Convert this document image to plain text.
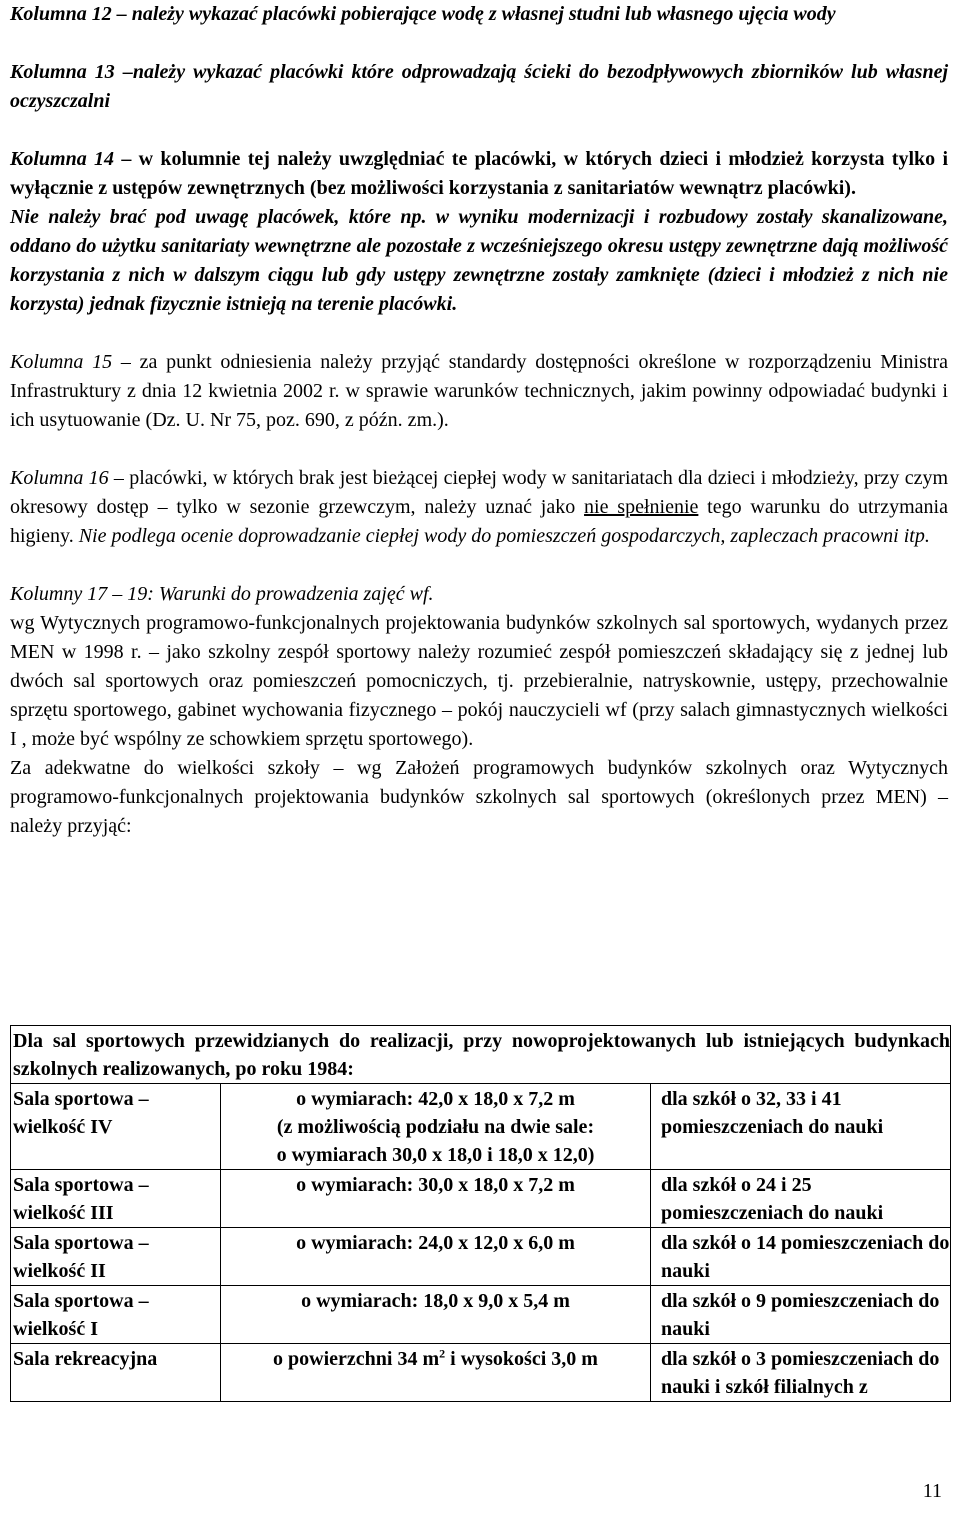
Kolumna 12 – należy wykazać placówki pobierające wodę z własnej studni lub własnego ujęcia wody

Kolumna 13 –należy wykazać placówki które odprowadzają ścieki do bezodpływowych zbiorników lub własnej oczyszczalni

Kolumna 14 – w kolumnie tej należy uwzględniać te placówki, w których dzieci i młodzież korzysta tylko i wyłącznie z ustępów zewnętrznych (bez możliwości korzystania z sanitariatów wewnątrz placówki).

Nie należy brać pod uwagę placówek, które np. w wyniku modernizacji i rozbudowy zostały skanalizowane, oddano do użytku sanitariaty wewnętrzne ale pozostałe z wcześniejszego okresu ustępy zewnętrzne dają możliwość korzystania z nich w dalszym ciągu lub gdy ustępy zewnętrzne zostały zamknięte (dzieci i młodzież z nich nie korzysta) jednak fizycznie istnieją na terenie placówki.

Kolumna 15 – za punkt odniesienia należy przyjąć standardy dostępności określone w rozporządzeniu Ministra Infrastruktury z dnia 12 kwietnia 2002 r. w sprawie warunków technicznych, jakim powinny odpowiadać budynki i ich usytuowanie (Dz. U. Nr 75, poz. 690, z późn. zm.).

Kolumna 16 – placówki, w których brak jest bieżącej ciepłej wody w sanitariatach dla dzieci i młodzieży, przy czym okresowy dostęp – tylko w sezonie grzewczym, należy uznać jako nie spełnienie tego warunku do utrzymania higieny. Nie podlega ocenie doprowadzanie ciepłej wody do pomieszczeń gospodarczych, zapleczach pracowni itp.

Kolumny 17 – 19: Warunki do prowadzenia zajęć wf.

wg Wytycznych programowo-funkcjonalnych projektowania budynków szkolnych sal sportowych, wydanych przez MEN w 1998 r. – jako szkolny zespół sportowy należy rozumieć zespół pomieszczeń składający się z jednej lub dwóch sal sportowych oraz pomieszczeń pomocniczych, tj. przebieralnie, natryskownie, ustępy, przechowalnie sprzętu sportowego, gabinet wychowania fizycznego – pokój nauczycieli wf (przy salach gimnastycznych wielkości I , może być wspólny ze schowkiem sprzętu sportowego).

Za adekwatne do wielkości szkoły – wg Założeń programowych budynków szkolnych oraz Wytycznych programowo-funkcjonalnych projektowania budynków szkolnych sal sportowych (określonych przez MEN) – należy przyjąć:

Dla sal sportowych przewidzianych do realizacji, przy nowoprojektowanych lub istniejących budynkach szkolnych realizowanych, po roku 1984:		
Sala sportowa – wielkość IV	o wymiarach: 42,0 x 18,0 x 7,2 m
(z możliwością podziału na dwie sale:
o wymiarach 30,0 x 18,0 i 18,0 x 12,0)	dla szkół o 32, 33 i 41 pomieszczeniach do nauki
Sala sportowa – wielkość III	o wymiarach: 30,0 x 18,0 x 7,2 m	dla szkół o 24 i 25 pomieszczeniach do nauki
Sala sportowa – wielkość II	o wymiarach: 24,0 x 12,0 x 6,0 m	dla szkół o 14 pomieszczeniach do nauki
Sala sportowa – wielkość I	o wymiarach: 18,0 x 9,0 x 5,4 m	dla szkół o 9 pomieszczeniach do nauki
Sala rekreacyjna	o powierzchni 34 $m^2$ i wysokości 3,0 m	dla szkół o 3 pomieszczeniach do nauki i szkół filialnych z
11
